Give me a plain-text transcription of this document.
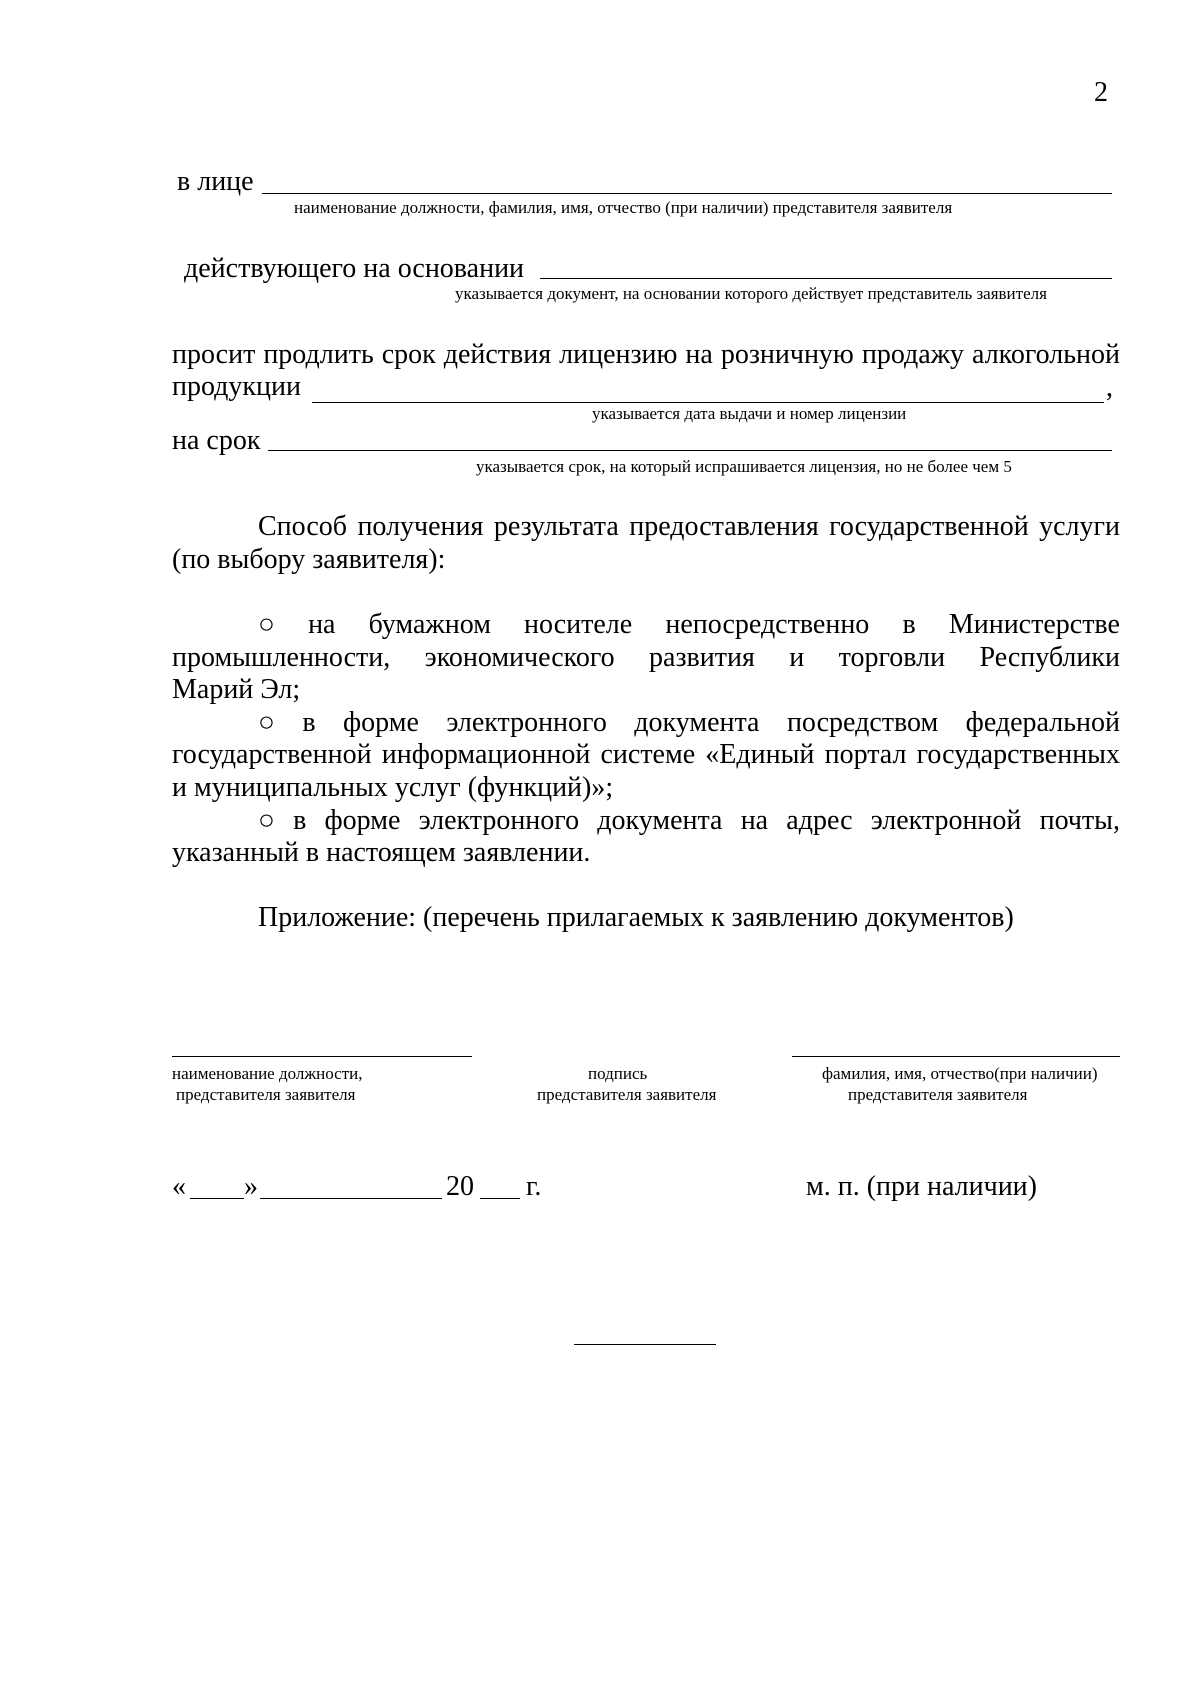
2
в лице
наименование должности, фамилия, имя, отчество (при наличии) представителя заявителя
действующего на основании
указывается документ, на основании которого действует представитель заявителя
просит продлить срок действия лицензию на розничную продажу алкогольной
продукции	,
указывается дата выдачи и номер лицензии
на срок
указывается срок, на который испрашивается лицензия, но не более чем 5
Способ получения результата предоставления государственной услуги
(по выбору заявителя):
○ на бумажном носителе непосредственно в Министерстве
промышленности, экономического развития и торговли Республики
Марий Эл;
○ в форме электронного документа посредством федеральной
государственной информационной системе «Единый портал государственных
и муниципальных услуг (функций)»;
○ в форме электронного документа на адрес электронной почты,
указанный в настоящем заявлении.
Приложение: (перечень прилагаемых к заявлению документов)
наименование должности,
представителя заявителя
подпись
представителя заявителя
фамилия, имя, отчество(при наличии)
представителя заявителя
« »	20 г.	м. п. (при наличии)
